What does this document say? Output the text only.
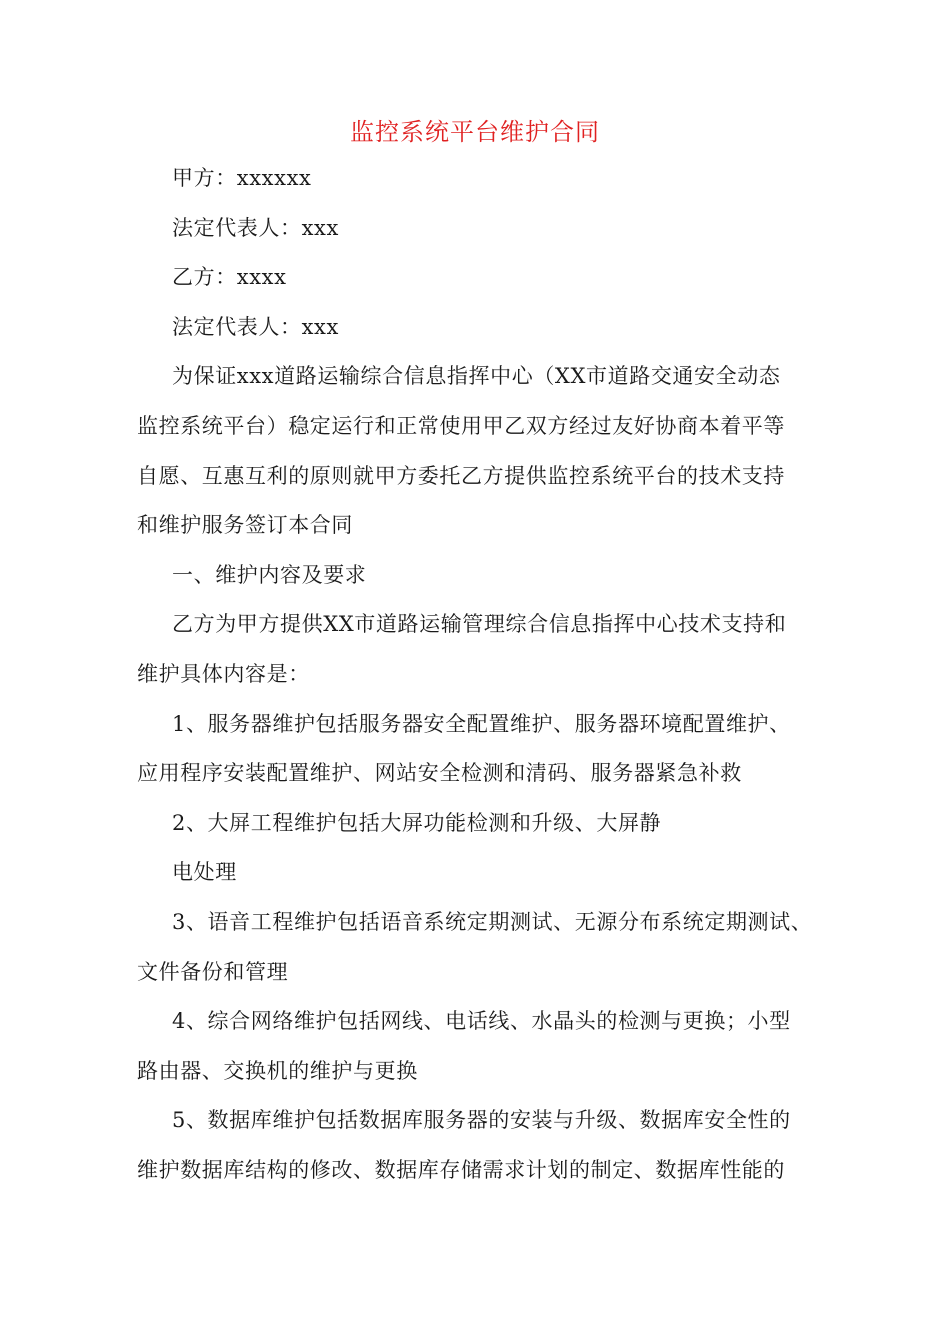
监控系统平台维护合同
甲方：xxxxxx
法定代表人：xxx
乙方：xxxx
法定代表人：xxx
为保证xxx道路运输综合信息指挥中心（XX市道路交通安全动态
监控系统平台）稳定运行和正常使用甲乙双方经过友好协商本着平等
自愿、互惠互利的原则就甲方委托乙方提供监控系统平台的技术支持
和维护服务签订本合同
一、维护内容及要求
乙方为甲方提供XX市道路运输管理综合信息指挥中心技术支持和
维护具体内容是：
1、服务器维护包括服务器安全配置维护、服务器环境配置维护、
应用程序安装配置维护、网站安全检测和清码、服务器紧急补救
2、大屏工程维护包括大屏功能检测和升级、大屏静
电处理
3、语音工程维护包括语音系统定期测试、无源分布系统定期测试、
文件备份和管理
4、综合网络维护包括网线、电话线、水晶头的检测与更换；小型
路由器、交换机的维护与更换
5、数据库维护包括数据库服务器的安装与升级、数据库安全性的
维护数据库结构的修改、数据库存储需求计划的制定、数据库性能的
